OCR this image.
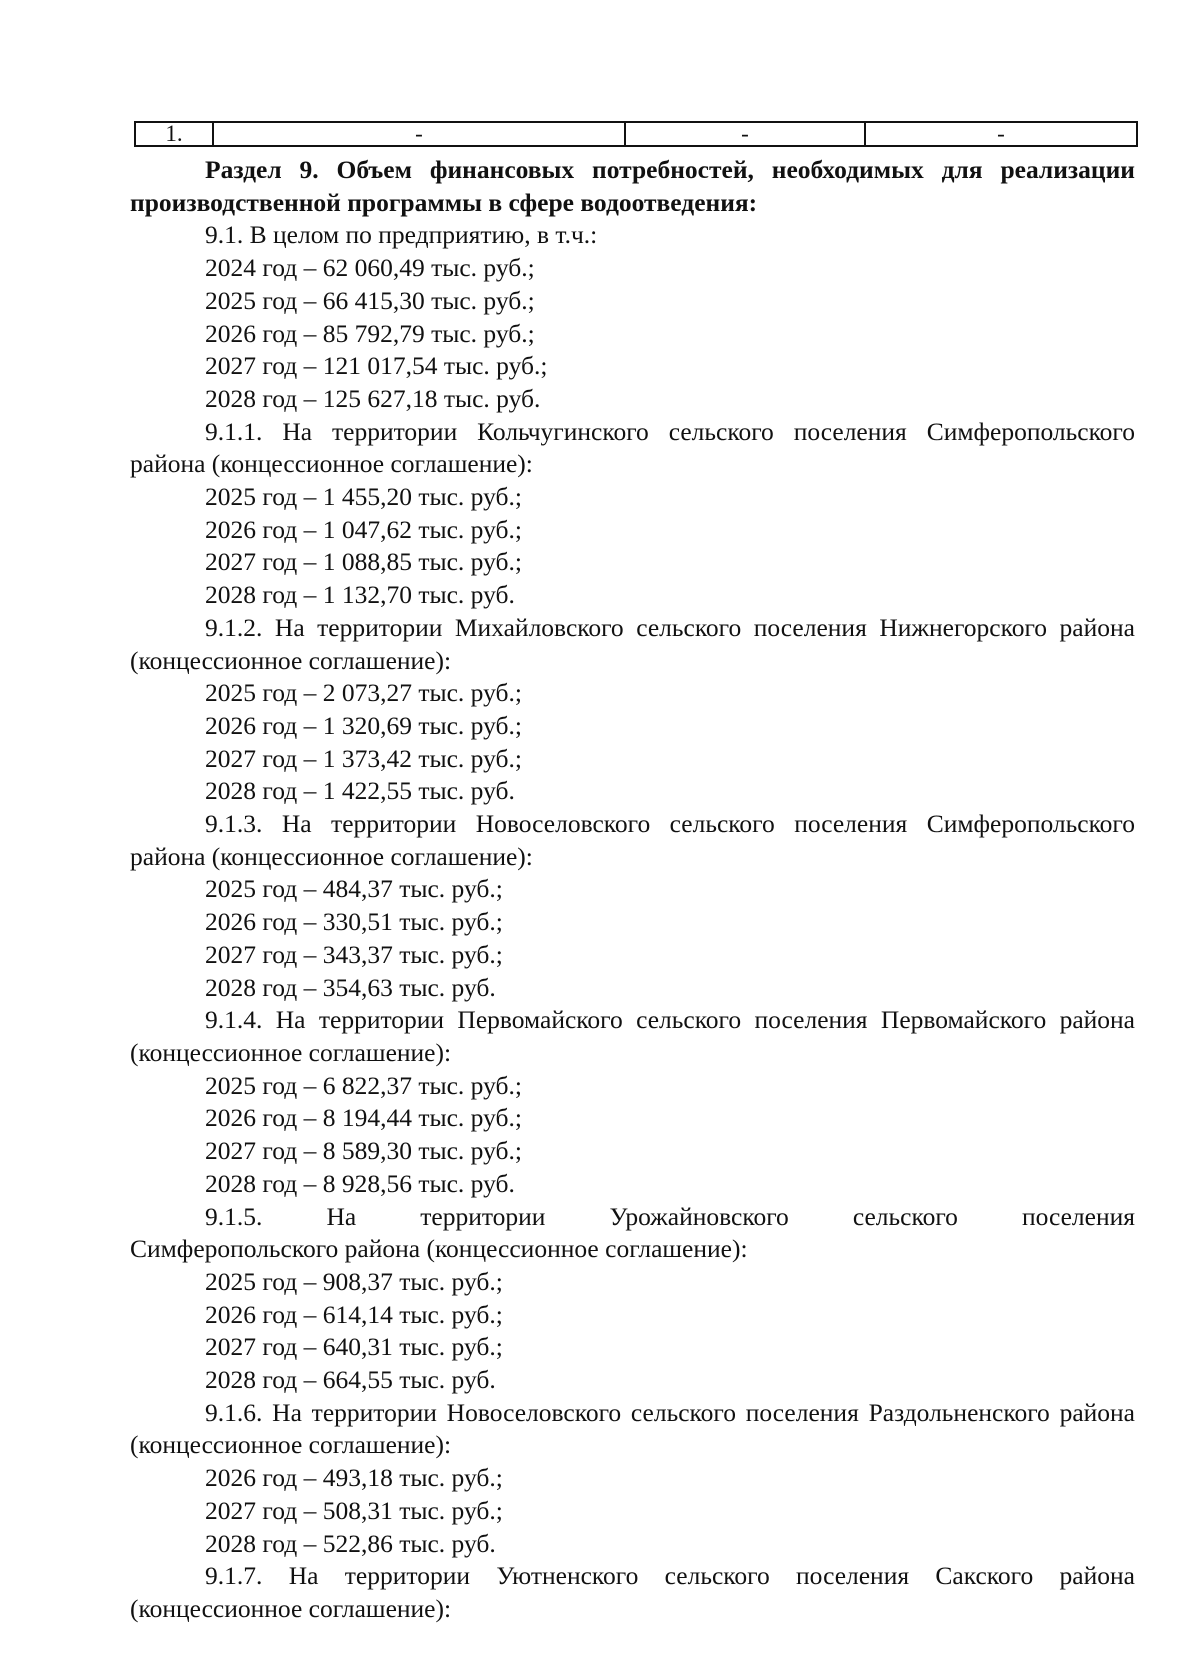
1.	-	-	-

Раздел 9. Объем финансовых потребностей, необходимых для реализации производственной программы в сфере водоотведения:

9.1. В целом по предприятию, в т.ч.:

2024 год – 62 060,49 тыс. руб.;

2025 год – 66 415,30 тыс. руб.;

2026 год – 85 792,79 тыс. руб.;

2027 год – 121 017,54 тыс. руб.;

2028 год – 125 627,18 тыс. руб.

9.1.1. На территории Кольчугинского сельского поселения Симферопольского района (концессионное соглашение):

2025 год – 1 455,20 тыс. руб.;

2026 год – 1 047,62 тыс. руб.;

2027 год – 1 088,85 тыс. руб.;

2028 год – 1 132,70 тыс. руб.

9.1.2. На территории Михайловского сельского поселения Нижнегорского района (концессионное соглашение):

2025 год – 2 073,27 тыс. руб.;

2026 год – 1 320,69 тыс. руб.;

2027 год – 1 373,42 тыс. руб.;

2028 год – 1 422,55 тыс. руб.

9.1.3. На территории Новоселовского сельского поселения Симферопольского района (концессионное соглашение):

2025 год – 484,37 тыс. руб.;

2026 год – 330,51 тыс. руб.;

2027 год – 343,37 тыс. руб.;

2028 год – 354,63 тыс. руб.

9.1.4. На территории Первомайского сельского поселения Первомайского района (концессионное соглашение):

2025 год – 6 822,37 тыс. руб.;

2026 год – 8 194,44 тыс. руб.;

2027 год – 8 589,30 тыс. руб.;

2028 год – 8 928,56 тыс. руб.

9.1.5. На территории Урожайновского сельского поселения

Симферопольского района (концессионное соглашение):

2025 год – 908,37 тыс. руб.;

2026 год – 614,14 тыс. руб.;

2027 год – 640,31 тыс. руб.;

2028 год – 664,55 тыс. руб.

9.1.6. На территории Новоселовского сельского поселения Раздольненского района (концессионное соглашение):

2026 год – 493,18 тыс. руб.;

2027 год – 508,31 тыс. руб.;

2028 год – 522,86 тыс. руб.

9.1.7. На территории Уютненского сельского поселения Сакского района (концессионное соглашение):
